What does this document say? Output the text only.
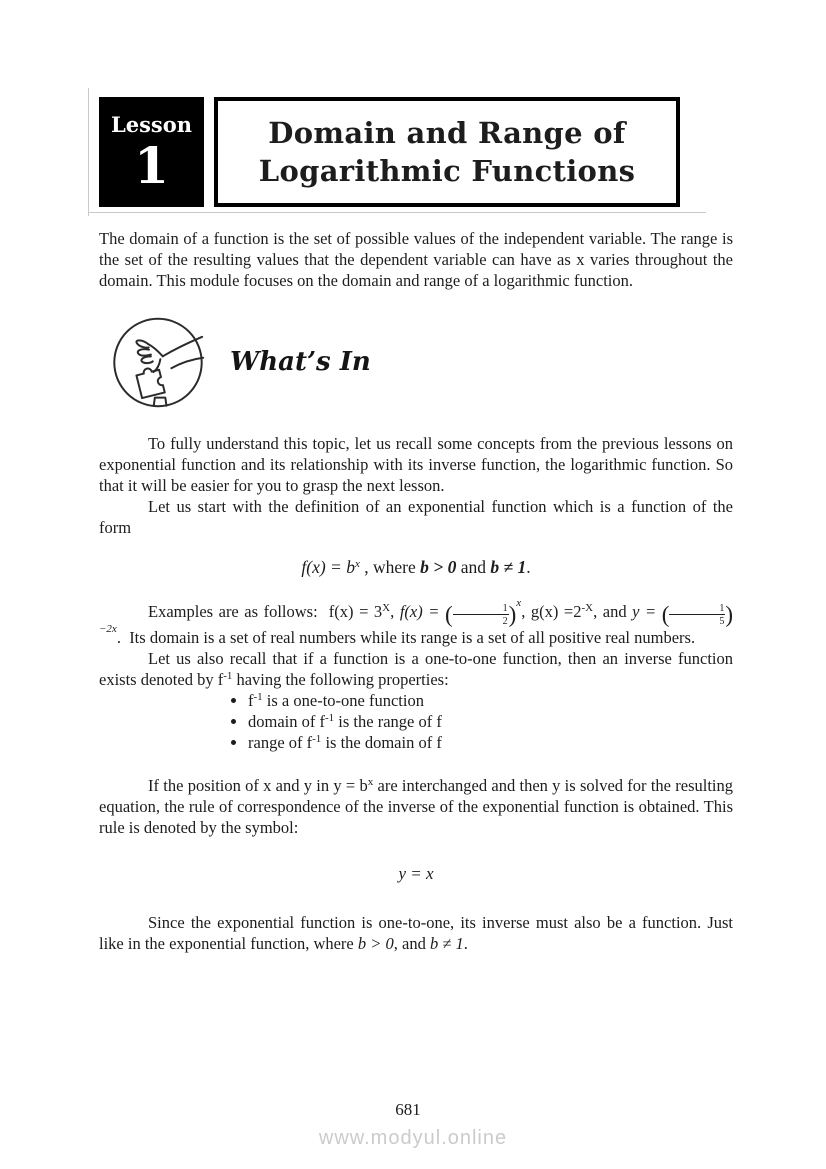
Lesson
1
Domain and Range of
Logarithmic Functions

The domain of a function is the set of possible values of the independent variable. The range is the set of the resulting values that the dependent variable can have as x varies throughout the domain. This module focuses on the domain and range of a logarithmic function.

What’s In

To fully understand this topic, let us recall some concepts from the previous lessons on exponential function and its relationship with its inverse function, the logarithmic function. So that it will be easier for you to grasp the next lesson.

Let us start with the definition of an exponential function which is a function of the form

$f(x) = b^x$ , where b > 0 and b ≠ 1.

Examples are as follows:  $f(x) = 3^X$, f(x) = ( $\frac{1}{2} )^x$, $g(x) =2^{-X}$, and y = ( $\frac{1}{5} )^{-2x}$.  Its domain is a set of real numbers while its range is a set of all positive real numbers.

Let us also recall that if a function is a one-to-one function, then an inverse function exists denoted by $f^{-1}$ having the following properties:

• $f^{-1}$ is a one-to-one function
• domain of $f^{-1}$ is the range of f
• range of $f^{-1}$ is the domain of f

If the position of x and y in $y = b^x$ are interchanged and then y is solved for the resulting equation, the rule of correspondence of the inverse of the exponential function is obtained. This rule is denoted by the symbol:

y = x

Since the exponential function is one-to-one, its inverse must also be a function. Just like in the exponential function, where b > 0, and b ≠ 1.

681
www.modyul.online
